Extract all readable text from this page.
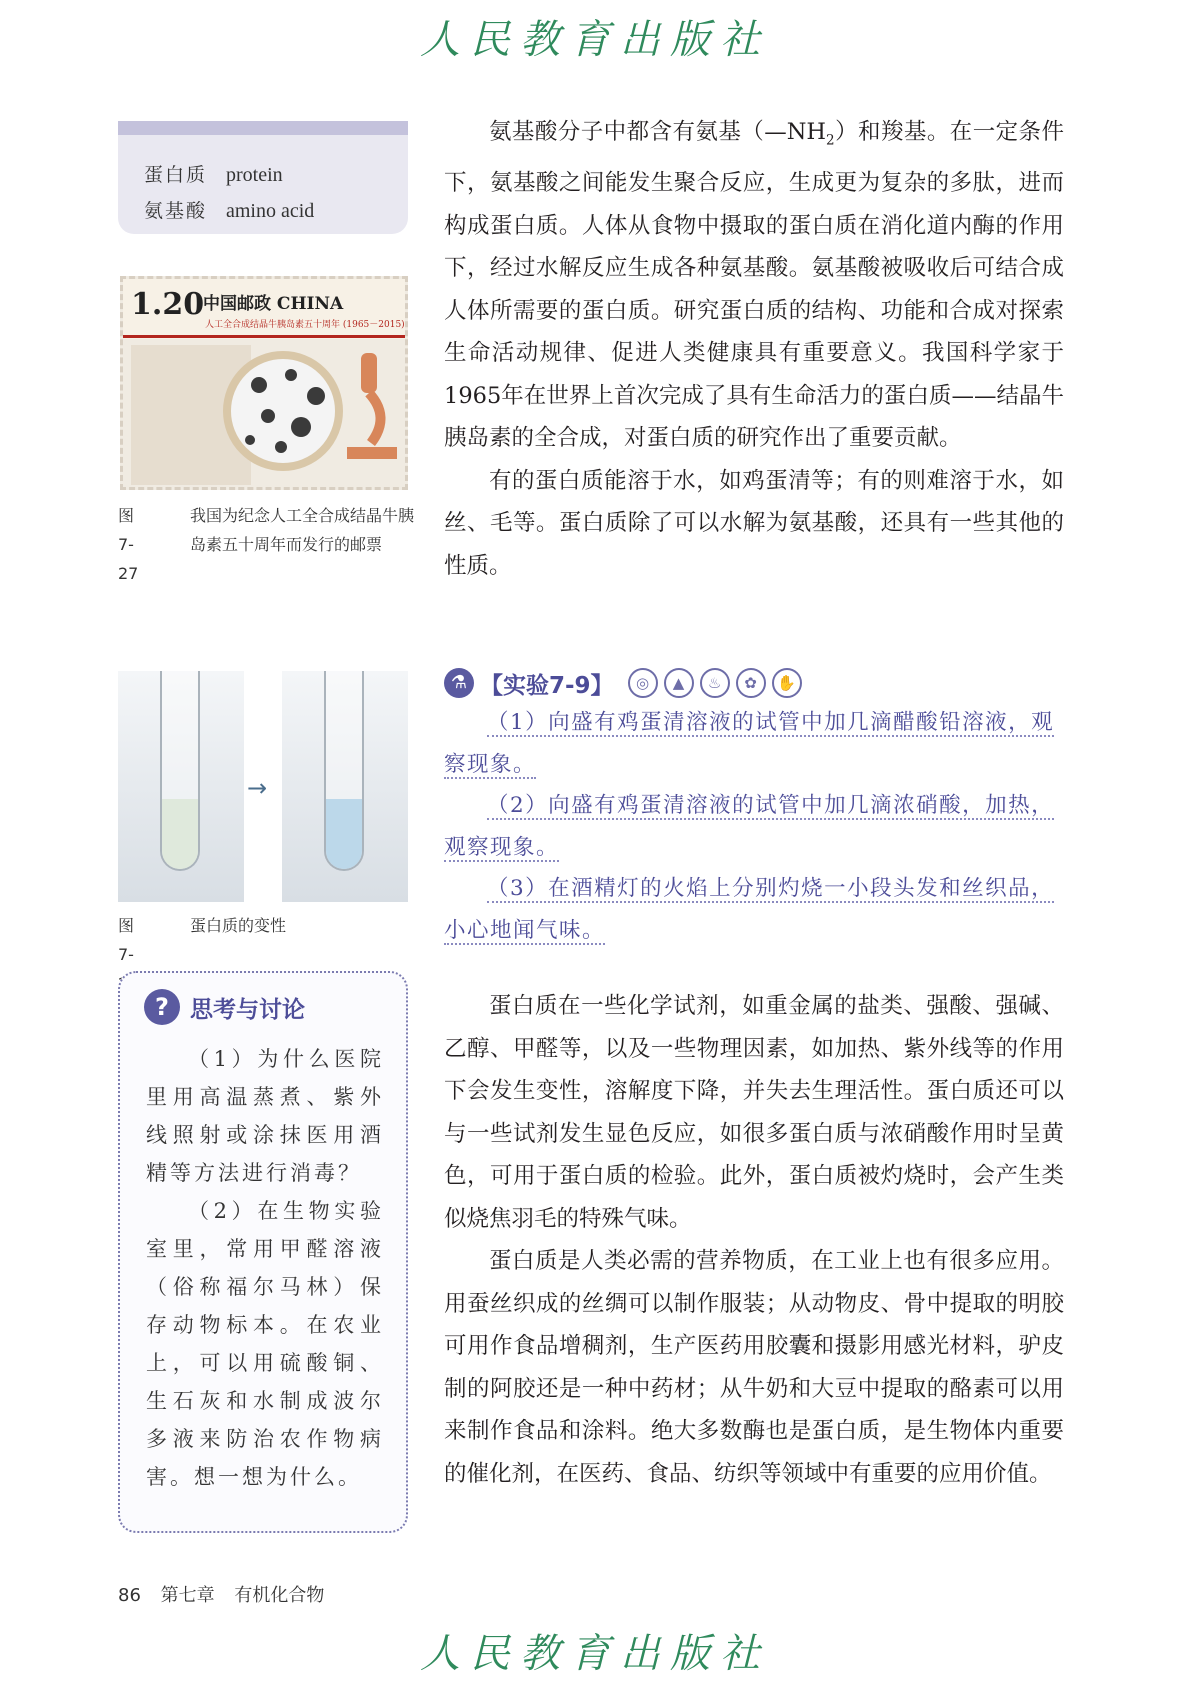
人民教育出版社
蛋白质 protein
氨基酸 amino acid
1.20
中国邮政 CHINA
人工全合成结晶牛胰岛素五十周年 (1965－2015)
图7-27
我国为纪念人工全合成结晶牛胰岛素五十周年而发行的邮票

氨基酸分子中都含有氨基$(—NH_2)$和羧基。在一定条件下，氨基酸之间能发生聚合反应，生成更为复杂的多肽，进而构成蛋白质。人体从食物中摄取的蛋白质在消化道内酶的作用下，经过水解反应生成各种氨基酸。氨基酸被吸收后可结合成人体所需要的蛋白质。研究蛋白质的结构、功能和合成对探索生命活动规律、促进人类健康具有重要意义。我国科学家于1965年在世界上首次完成了具有生命活力的蛋白质——结晶牛胰岛素的全合成，对蛋白质的研究作出了重要贡献。

有的蛋白质能溶于水，如鸡蛋清等；有的则难溶于水，如丝、毛等。蛋白质除了可以水解为氨基酸，还具有一些其他的性质。

→
图7-
蛋白质的变性
⚗ 【实验7-9】	◎	▲	♨	✿	✋

（1）向盛有鸡蛋清溶液的试管中加几滴醋酸铅溶液，观察现象。

（2）向盛有鸡蛋清溶液的试管中加几滴浓硝酸，加热，观察现象。

（3）在酒精灯的火焰上分别灼烧一小段头发和丝织品，小心地闻气味。

? 思考与讨论

（1）为什么医院里用高温蒸煮、紫外线照射或涂抹医用酒精等方法进行消毒？

（2）在生物实验室里，常用甲醛溶液（俗称福尔马林）保存动物标本。在农业上，可以用硫酸铜、生石灰和水制成波尔多液来防治农作物病害。想一想为什么。

蛋白质在一些化学试剂，如重金属的盐类、强酸、强碱、乙醇、甲醛等，以及一些物理因素，如加热、紫外线等的作用下会发生变性，溶解度下降，并失去生理活性。蛋白质还可以与一些试剂发生显色反应，如很多蛋白质与浓硝酸作用时呈黄色，可用于蛋白质的检验。此外，蛋白质被灼烧时，会产生类似烧焦羽毛的特殊气味。

蛋白质是人类必需的营养物质，在工业上也有很多应用。用蚕丝织成的丝绸可以制作服装；从动物皮、骨中提取的明胶可用作食品增稠剂，生产医药用胶囊和摄影用感光材料，驴皮制的阿胶还是一种中药材；从牛奶和大豆中提取的酪素可以用来制作食品和涂料。绝大多数酶也是蛋白质，是生物体内重要的催化剂，在医药、食品、纺织等领域中有重要的应用价值。

86 第七章 有机化合物
人民教育出版社
